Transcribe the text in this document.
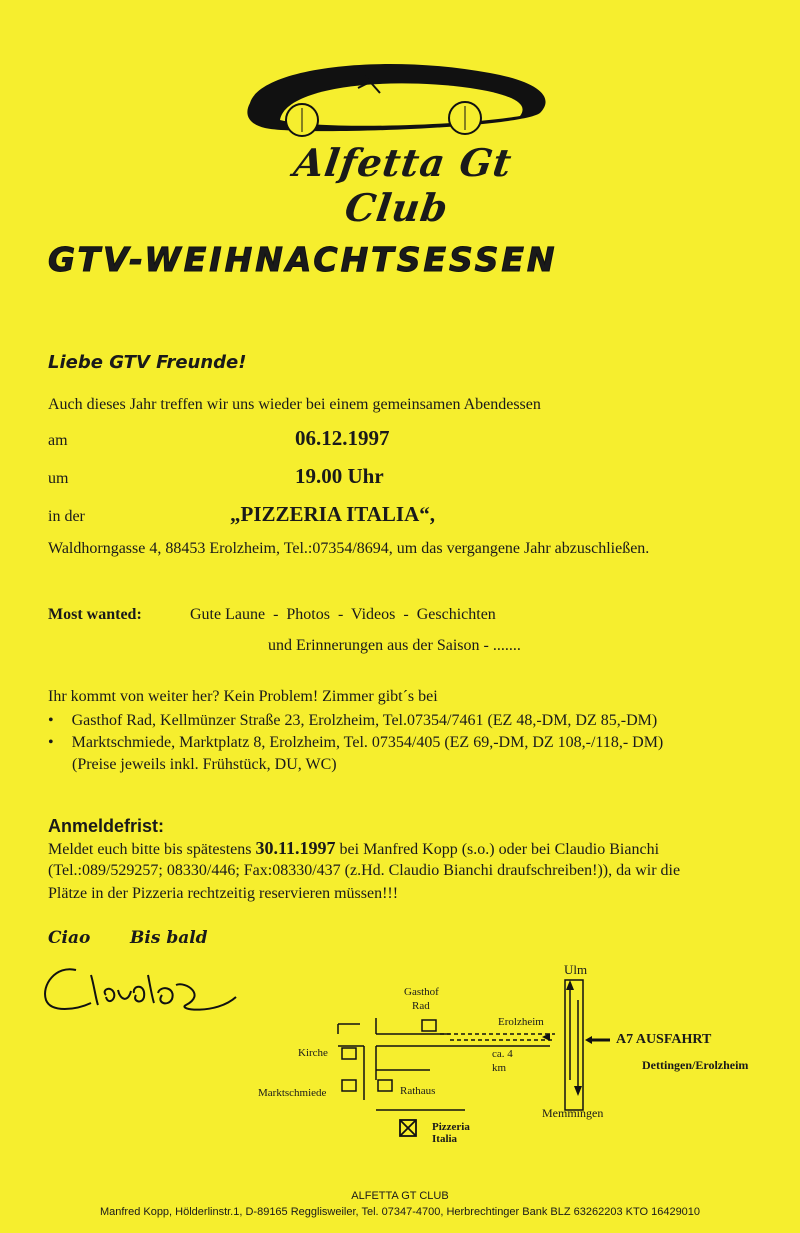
Alfetta Gt Club
GTV-WEIHNACHTSESSEN
Liebe GTV Freunde!
Auch dieses Jahr treffen wir uns wieder bei einem gemeinsamen Abendessen
am	06.12.1997
um	19.00 Uhr
in der	„PIZZERIA ITALIA“,
Waldhorngasse 4, 88453 Erolzheim, Tel.:07354/8694, um das vergangene Jahr abzuschließen.
Most wanted:	Gute Laune  -  Photos  -  Videos  -  Geschichten
und Erinnerungen aus der Saison - .......
Ihr kommt von weiter her? Kein Problem! Zimmer gibt´s bei
• Gasthof Rad, Kellmünzer Straße 23, Erolzheim, Tel.07354/7461 (EZ 48,-DM, DZ 85,-DM)
• Marktschmiede, Marktplatz 8, Erolzheim, Tel. 07354/405 (EZ 69,-DM, DZ 108,-/118,- DM)
(Preise jeweils inkl. Frühstück, DU, WC)
Anmeldefrist:
Meldet euch bitte bis spätestens 30.11.1997 bei Manfred Kopp (s.o.) oder bei Claudio Bianchi
(Tel.:089/529257; 08330/446; Fax:08330/437 (z.Hd. Claudio Bianchi draufschreiben!)), da wir die
Plätze in der Pizzeria rechtzeitig reservieren müssen!!!
Ciao Bis bald
Gasthof
Rad
Kirche
Marktschmiede	Rathaus
Pizzeria
Italia
Erolzheim
ca. 4
km
Ulm
Memmingen
A7 AUSFAHRT
Dettingen/Erolzheim
ALFETTA GT CLUB
Manfred Kopp, Hölderlinstr.1, D-89165 Regglisweiler, Tel. 07347-4700, Herbrechtinger Bank BLZ 63262203 KTO 16429010
